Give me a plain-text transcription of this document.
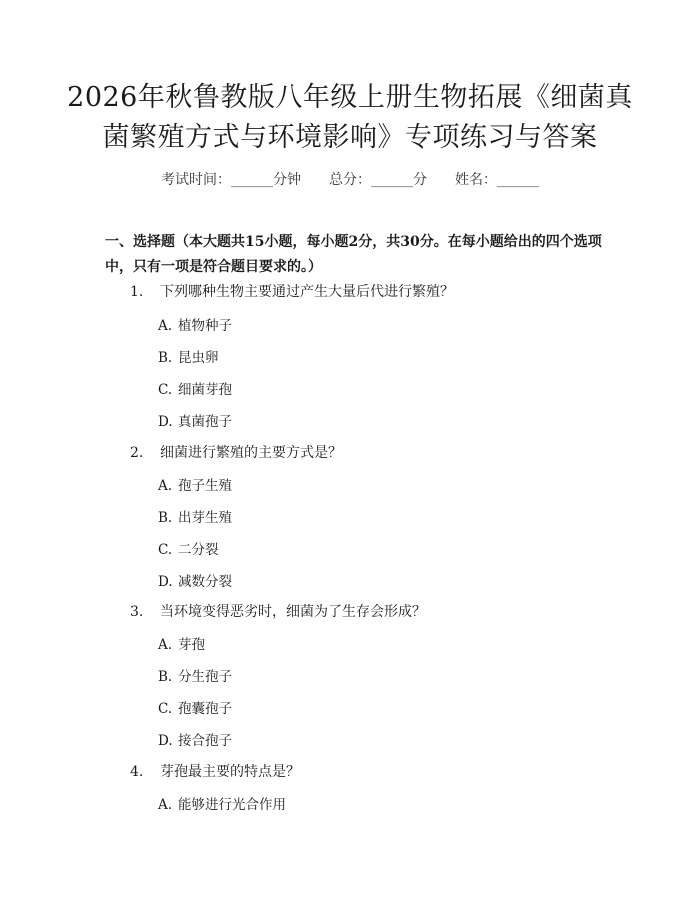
2026年秋鲁教版八年级上册生物拓展《细菌真菌繁殖方式与环境影响》专项练习与答案
考试时间：______分钟 总分：______分 姓名：______

一、选择题（本大题共15小题，每小题2分，共30分。在每小题给出的四个选项中，只有一项是符合题目要求的。）

1. 下列哪种生物主要通过产生大量后代进行繁殖？
A. 植物种子
B. 昆虫卵
C. 细菌芽孢
D. 真菌孢子
2. 细菌进行繁殖的主要方式是？
A. 孢子生殖
B. 出芽生殖
C. 二分裂
D. 减数分裂
3. 当环境变得恶劣时，细菌为了生存会形成？
A. 芽孢
B. 分生孢子
C. 孢囊孢子
D. 接合孢子
4. 芽孢最主要的特点是？
A. 能够进行光合作用
